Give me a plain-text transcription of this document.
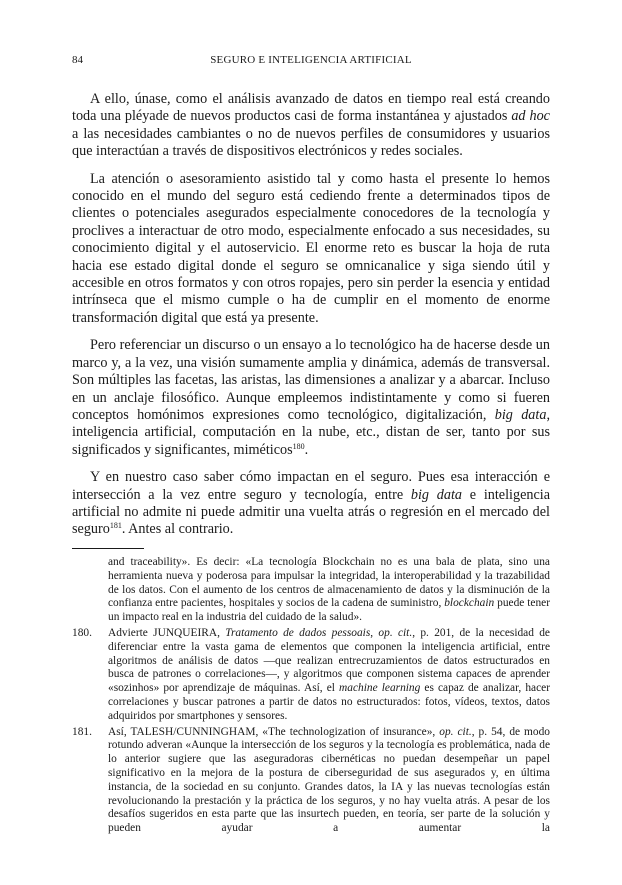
84	SEGURO E INTELIGENCIA ARTIFICIAL

A ello, únase, como el análisis avanzado de datos en tiempo real está creando toda una pléyade de nuevos productos casi de forma instantánea y ajustados ad hoc a las necesidades cambiantes o no de nuevos perfiles de consumidores y usuarios que interactúan a través de dispositivos electrónicos y redes sociales.

La atención o asesoramiento asistido tal y como hasta el presente lo hemos conocido en el mundo del seguro está cediendo frente a determinados tipos de clientes o potenciales asegurados especialmente conocedores de la tecnología y proclives a interactuar de otro modo, especialmente enfocado a sus necesidades, su conocimiento digital y el autoservicio. El enorme reto es buscar la hoja de ruta hacia ese estado digital donde el seguro se omnicanalice y siga siendo útil y accesible en otros formatos y con otros ropajes, pero sin perder la esencia y entidad intrínseca que el mismo cumple o ha de cumplir en el momento de enorme transformación digital que está ya presente.

Pero referenciar un discurso o un ensayo a lo tecnológico ha de hacerse desde un marco y, a la vez, una visión sumamente amplia y dinámica, además de transversal. Son múltiples las facetas, las aristas, las dimensiones a analizar y a abarcar. Incluso en un anclaje filosófico. Aunque empleemos indistintamente y como si fueren conceptos homónimos expresiones como tecnológico, digitalización, big data, inteligencia artificial, computación en la nube, etc., distan de ser, tanto por sus significados y significantes, miméticos$^{180}$.

Y en nuestro caso saber cómo impactan en el seguro. Pues esa interacción e intersección a la vez entre seguro y tecnología, entre big data e inteligencia artificial no admite ni puede admitir una vuelta atrás o regresión en el mercado del seguro$^{181}$. Antes al contrario.

and traceability». Es decir: «La tecnología Blockchain no es una bala de plata, sino una herramienta nueva y poderosa para impulsar la integridad, la interoperabilidad y la trazabilidad de los datos. Con el aumento de los centros de almacenamiento de datos y la disminución de la confianza entre pacientes, hospitales y socios de la cadena de suministro, blockchain puede tener un impacto real en la industria del cuidado de la salud».
180. Advierte JUNQUEIRA, Tratamento de dados pessoais, op. cit., p. 201, de la necesidad de diferenciar entre la vasta gama de elementos que componen la inteligencia artificial, entre algoritmos de análisis de datos —que realizan entrecruzamientos de datos estructurados en busca de patrones o correlaciones—, y algoritmos que componen sistema capaces de aprender «sozinhos» por aprendizaje de máquinas. Así, el machine learning es capaz de analizar, hacer correlaciones y buscar patrones a partir de datos no estructurados: fotos, vídeos, textos, datos adquiridos por smartphones y sensores.
181. Así, TALESH/CUNNINGHAM, «The technologization of insurance», op. cit., p. 54, de modo rotundo adveran «Aunque la intersección de los seguros y la tecnología es problemática, nada de lo anterior sugiere que las aseguradoras cibernéticas no puedan desempeñar un papel significativo en la mejora de la postura de ciberseguridad de sus asegurados y, en última instancia, de la sociedad en su conjunto. Grandes datos, la IA y las nuevas tecnologías están revolucionando la prestación y la práctica de los seguros, y no hay vuelta atrás. A pesar de los desafíos sugeridos en esta parte que las insurtech pueden, en teoría, ser parte de la solución y pueden ayudar a aumentar la
